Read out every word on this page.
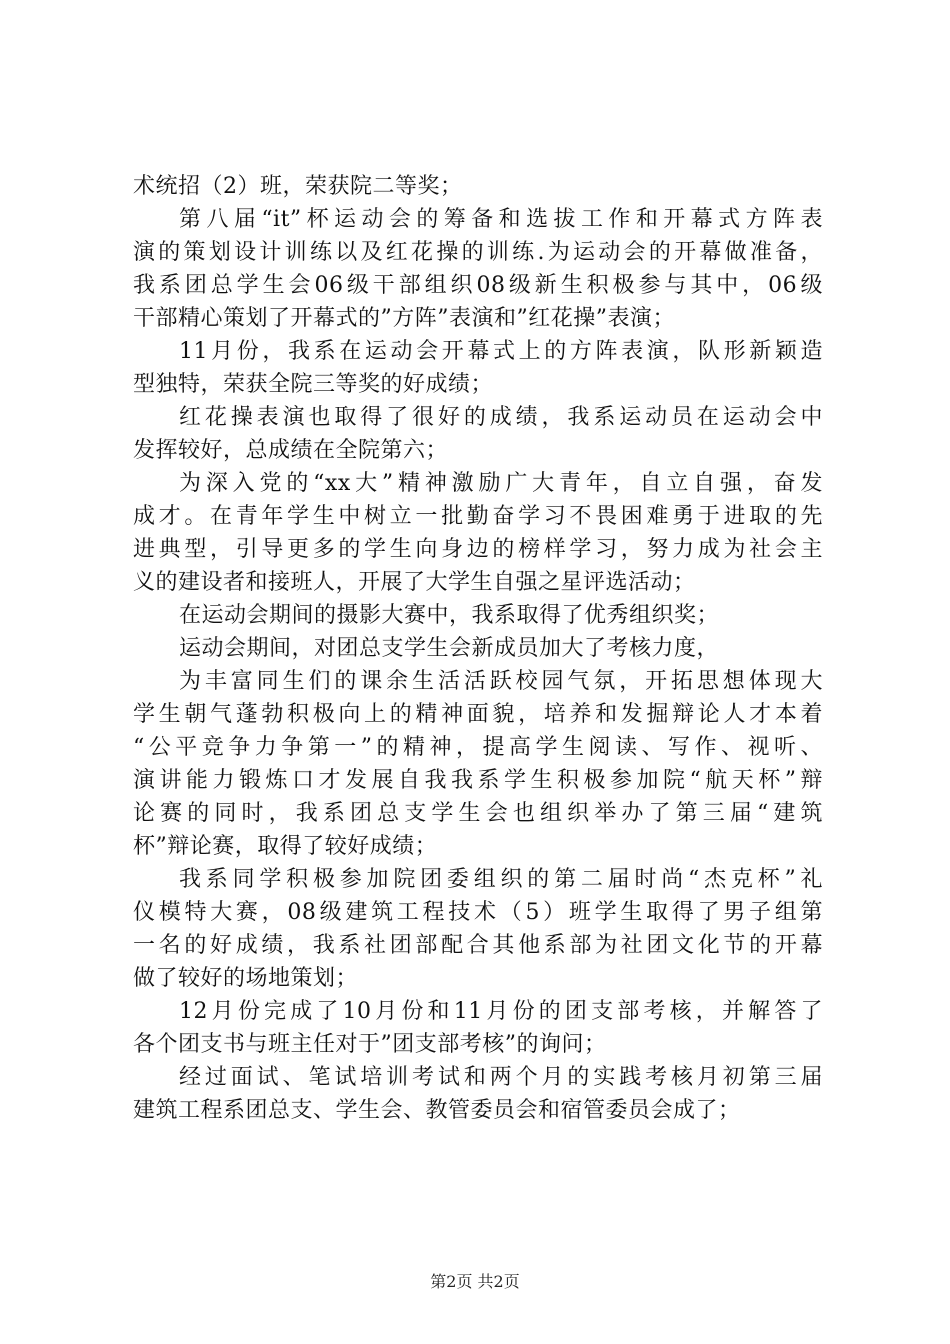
术统招（2）班，荣获院二等奖；
第八届“it”杯运动会的筹备和选拔工作和开幕式方阵表
演的策划设计训练以及红花操的训练.为运动会的开幕做准备，
我系团总学生会06级干部组织08级新生积极参与其中，06级
干部精心策划了开幕式的”方阵”表演和”红花操”表演；
11月份，我系在运动会开幕式上的方阵表演，队形新颖造
型独特，荣获全院三等奖的好成绩；
红花操表演也取得了很好的成绩，我系运动员在运动会中
发挥较好，总成绩在全院第六；
为深入党的“xx大”精神激励广大青年，自立自强，奋发
成才。在青年学生中树立一批勤奋学习不畏困难勇于进取的先
进典型，引导更多的学生向身边的榜样学习，努力成为社会主
义的建设者和接班人，开展了大学生自强之星评选活动；
在运动会期间的摄影大赛中，我系取得了优秀组织奖；
运动会期间，对团总支学生会新成员加大了考核力度，
为丰富同生们的课余生活活跃校园气氛，开拓思想体现大
学生朝气蓬勃积极向上的精神面貌，培养和发掘辩论人才本着
“公平竞争力争第一”的精神，提高学生阅读、写作、视听、
演讲能力锻炼口才发展自我我系学生积极参加院“航天杯”辩
论赛的同时，我系团总支学生会也组织举办了第三届“建筑
杯”辩论赛，取得了较好成绩；
我系同学积极参加院团委组织的第二届时尚“杰克杯”礼
仪模特大赛，08级建筑工程技术（5）班学生取得了男子组第
一名的好成绩，我系社团部配合其他系部为社团文化节的开幕
做了较好的场地策划；
12月份完成了10月份和11月份的团支部考核，并解答了
各个团支书与班主任对于”团支部考核”的询问；
经过面试、笔试培训考试和两个月的实践考核月初第三届
建筑工程系团总支、学生会、教管委员会和宿管委员会成了；
第2页 共2页
